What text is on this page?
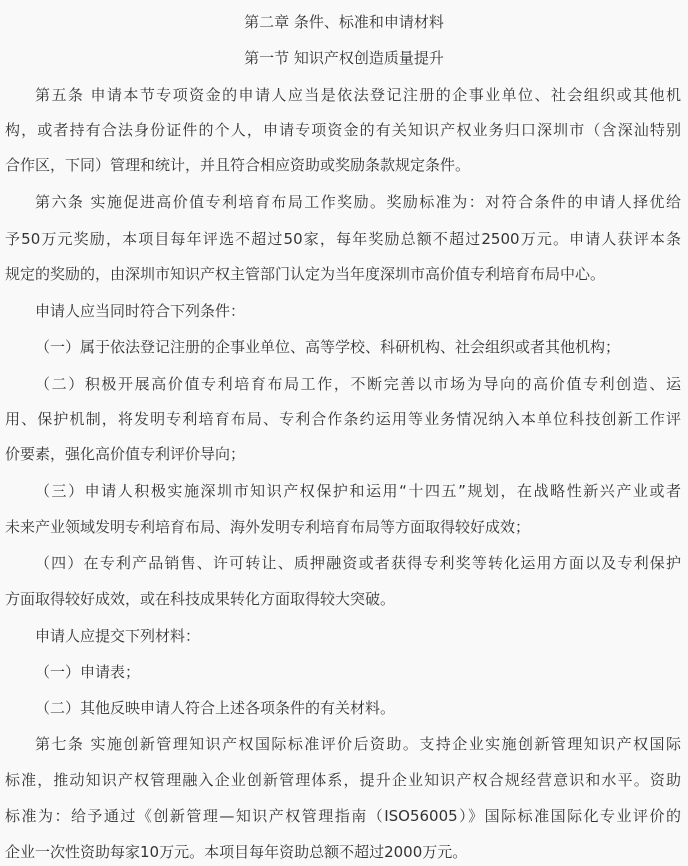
第二章 条件、标准和申请材料
第一节 知识产权创造质量提升
第五条 申请本节专项资金的申请人应当是依法登记注册的企事业单位、社会组织或其他机
构，或者持有合法身份证件的个人，申请专项资金的有关知识产权业务归口深圳市（含深汕特别
合作区，下同）管理和统计，并且符合相应资助或奖励条款规定条件。
第六条 实施促进高价值专利培育布局工作奖励。奖励标准为：对符合条件的申请人择优给
予50万元奖励，本项目每年评选不超过50家，每年奖励总额不超过2500万元。申请人获评本条
规定的奖励的，由深圳市知识产权主管部门认定为当年度深圳市高价值专利培育布局中心。
申请人应当同时符合下列条件：
（一）属于依法登记注册的企事业单位、高等学校、科研机构、社会组织或者其他机构；
（二）积极开展高价值专利培育布局工作，不断完善以市场为导向的高价值专利创造、运
用、保护机制，将发明专利培育布局、专利合作条约运用等业务情况纳入本单位科技创新工作评
价要素，强化高价值专利评价导向；
（三）申请人积极实施深圳市知识产权保护和运用“十四五”规划，在战略性新兴产业或者
未来产业领域发明专利培育布局、海外发明专利培育布局等方面取得较好成效；
（四）在专利产品销售、许可转让、质押融资或者获得专利奖等转化运用方面以及专利保护
方面取得较好成效，或在科技成果转化方面取得较大突破。
申请人应提交下列材料：
（一）申请表；
（二）其他反映申请人符合上述各项条件的有关材料。
第七条 实施创新管理知识产权国际标准评价后资助。支持企业实施创新管理知识产权国际
标准，推动知识产权管理融入企业创新管理体系，提升企业知识产权合规经营意识和水平。资助
标准为：给予通过《创新管理—知识产权管理指南（ISO56005）》国际标准国际化专业评价的
企业一次性资助每家10万元。本项目每年资助总额不超过2000万元。
